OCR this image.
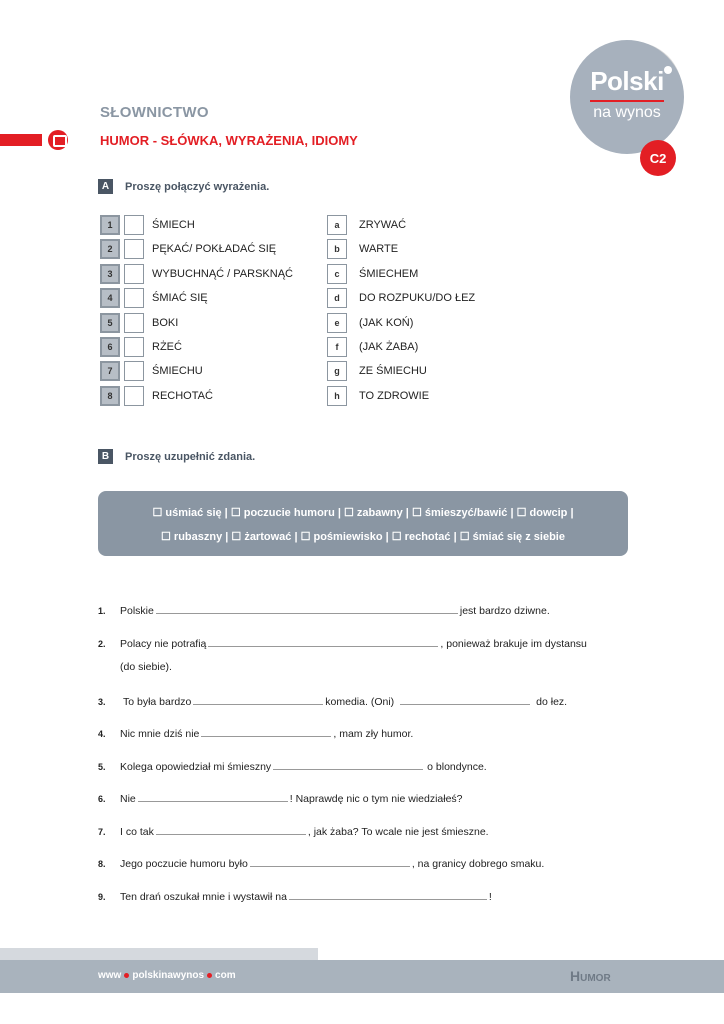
Polski
na wynos
C2
SŁOWNICTWO
HUMOR - SŁÓWKA, WYRAŻENIA, IDIOMY
A	Proszę połączyć wyrażenia.
1	ŚMIECH
2	PĘKAĆ/ POKŁADAĆ SIĘ
3	WYBUCHNĄĆ / PARSKNĄĆ
4	ŚMIAĆ SIĘ
5	BOKI
6	RŻEĆ
7	ŚMIECHU
8	RECHOTAĆ
a	ZRYWAĆ
b	WARTE
c	ŚMIECHEM
d	DO ROZPUKU/DO ŁEZ
e	(JAK KOŃ)
f	(JAK ŻABA)
g	ZE ŚMIECHU
h	TO ZDROWIE
B	Proszę uzupełnić zdania.
☐ uśmiać się | ☐ poczucie humoru | ☐ zabawny | ☐ śmieszyć/bawić | ☐ dowcip |
☐ rubaszny | ☐ żartować | ☐ pośmiewisko | ☐ rechotać | ☐ śmiać się z siebie
1. Polskie	jest bardzo dziwne.
2. Polacy nie potrafią	, ponieważ brakuje im dystansu
(do siebie).
3. To była bardzo	komedia. (Oni)	do łez.
4. Nic mnie dziś nie	, mam zły humor.
5. Kolega opowiedział mi śmieszny	o blondynce.
6. Nie	! Naprawdę nic o tym nie wiedziałeś?
7. I co tak	, jak żaba? To wcale nie jest śmieszne.
8. Jego poczucie humoru było	, na granicy dobrego smaku.
9. Ten drań oszukał mnie i wystawił na	!
www polskinawynos com	Humor
